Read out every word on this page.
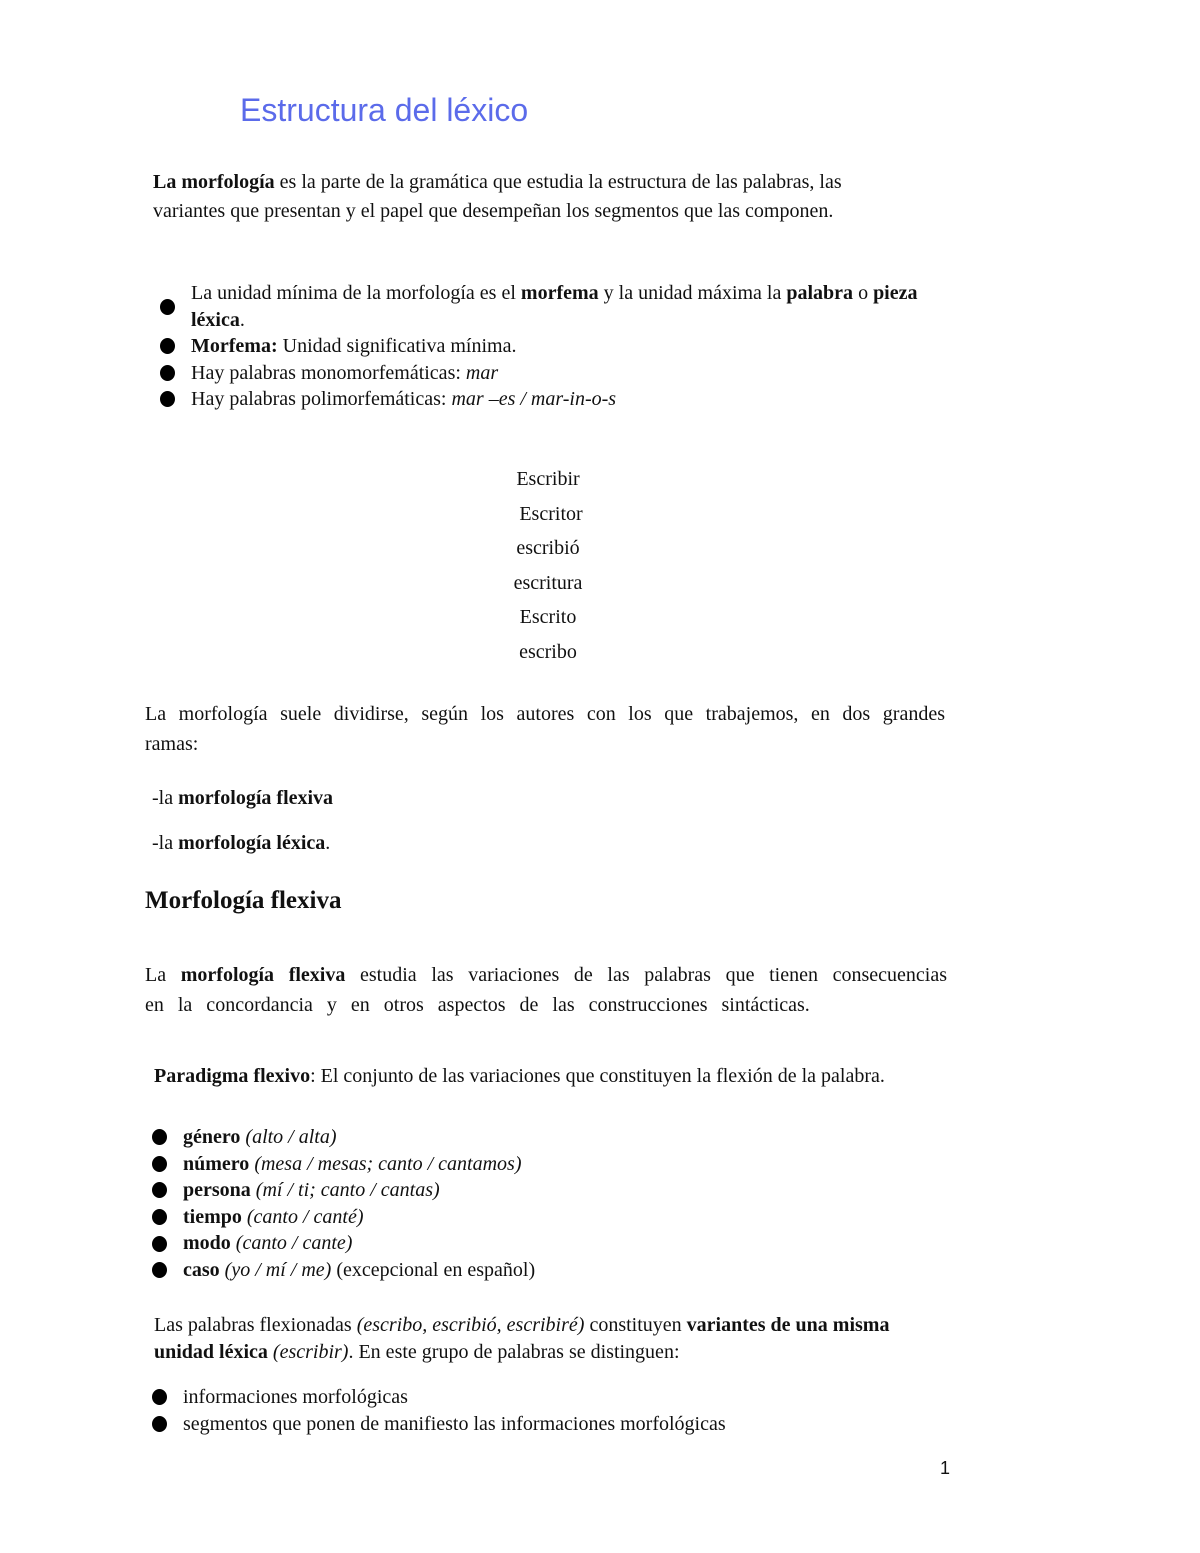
Estructura del léxico
La morfología es la parte de la gramática que estudia la estructura de las palabras, las variantes que presentan y el papel que desempeñan los segmentos que las componen.
La unidad mínima de la morfología es el morfema y la unidad máxima la palabra o pieza léxica.
Morfema: Unidad significativa mínima.
Hay palabras monomorfemáticas: mar
Hay palabras polimorfemáticas: mar –es / mar-in-o-s
Escribir
Escritor
escribió
escritura
Escrito
escribo
La morfología suele dividirse, según los autores con los que trabajemos, en dos grandes ramas:
-la morfología flexiva
-la morfología léxica.
Morfología flexiva
La morfología flexiva estudia las variaciones de las palabras que tienen consecuencias en la concordancia y en otros aspectos de las construcciones sintácticas.
Paradigma flexivo: El conjunto de las variaciones que constituyen la flexión de la palabra.
género (alto / alta)
número (mesa / mesas; canto / cantamos)
persona (mí / ti; canto / cantas)
tiempo (canto / canté)
modo (canto / cante)
caso (yo / mí / me) (excepcional en español)
Las palabras flexionadas (escribo, escribió, escribiré) constituyen variantes de una misma unidad léxica (escribir). En este grupo de palabras se distinguen:
informaciones morfológicas
segmentos que ponen de manifiesto las informaciones morfológicas
1
